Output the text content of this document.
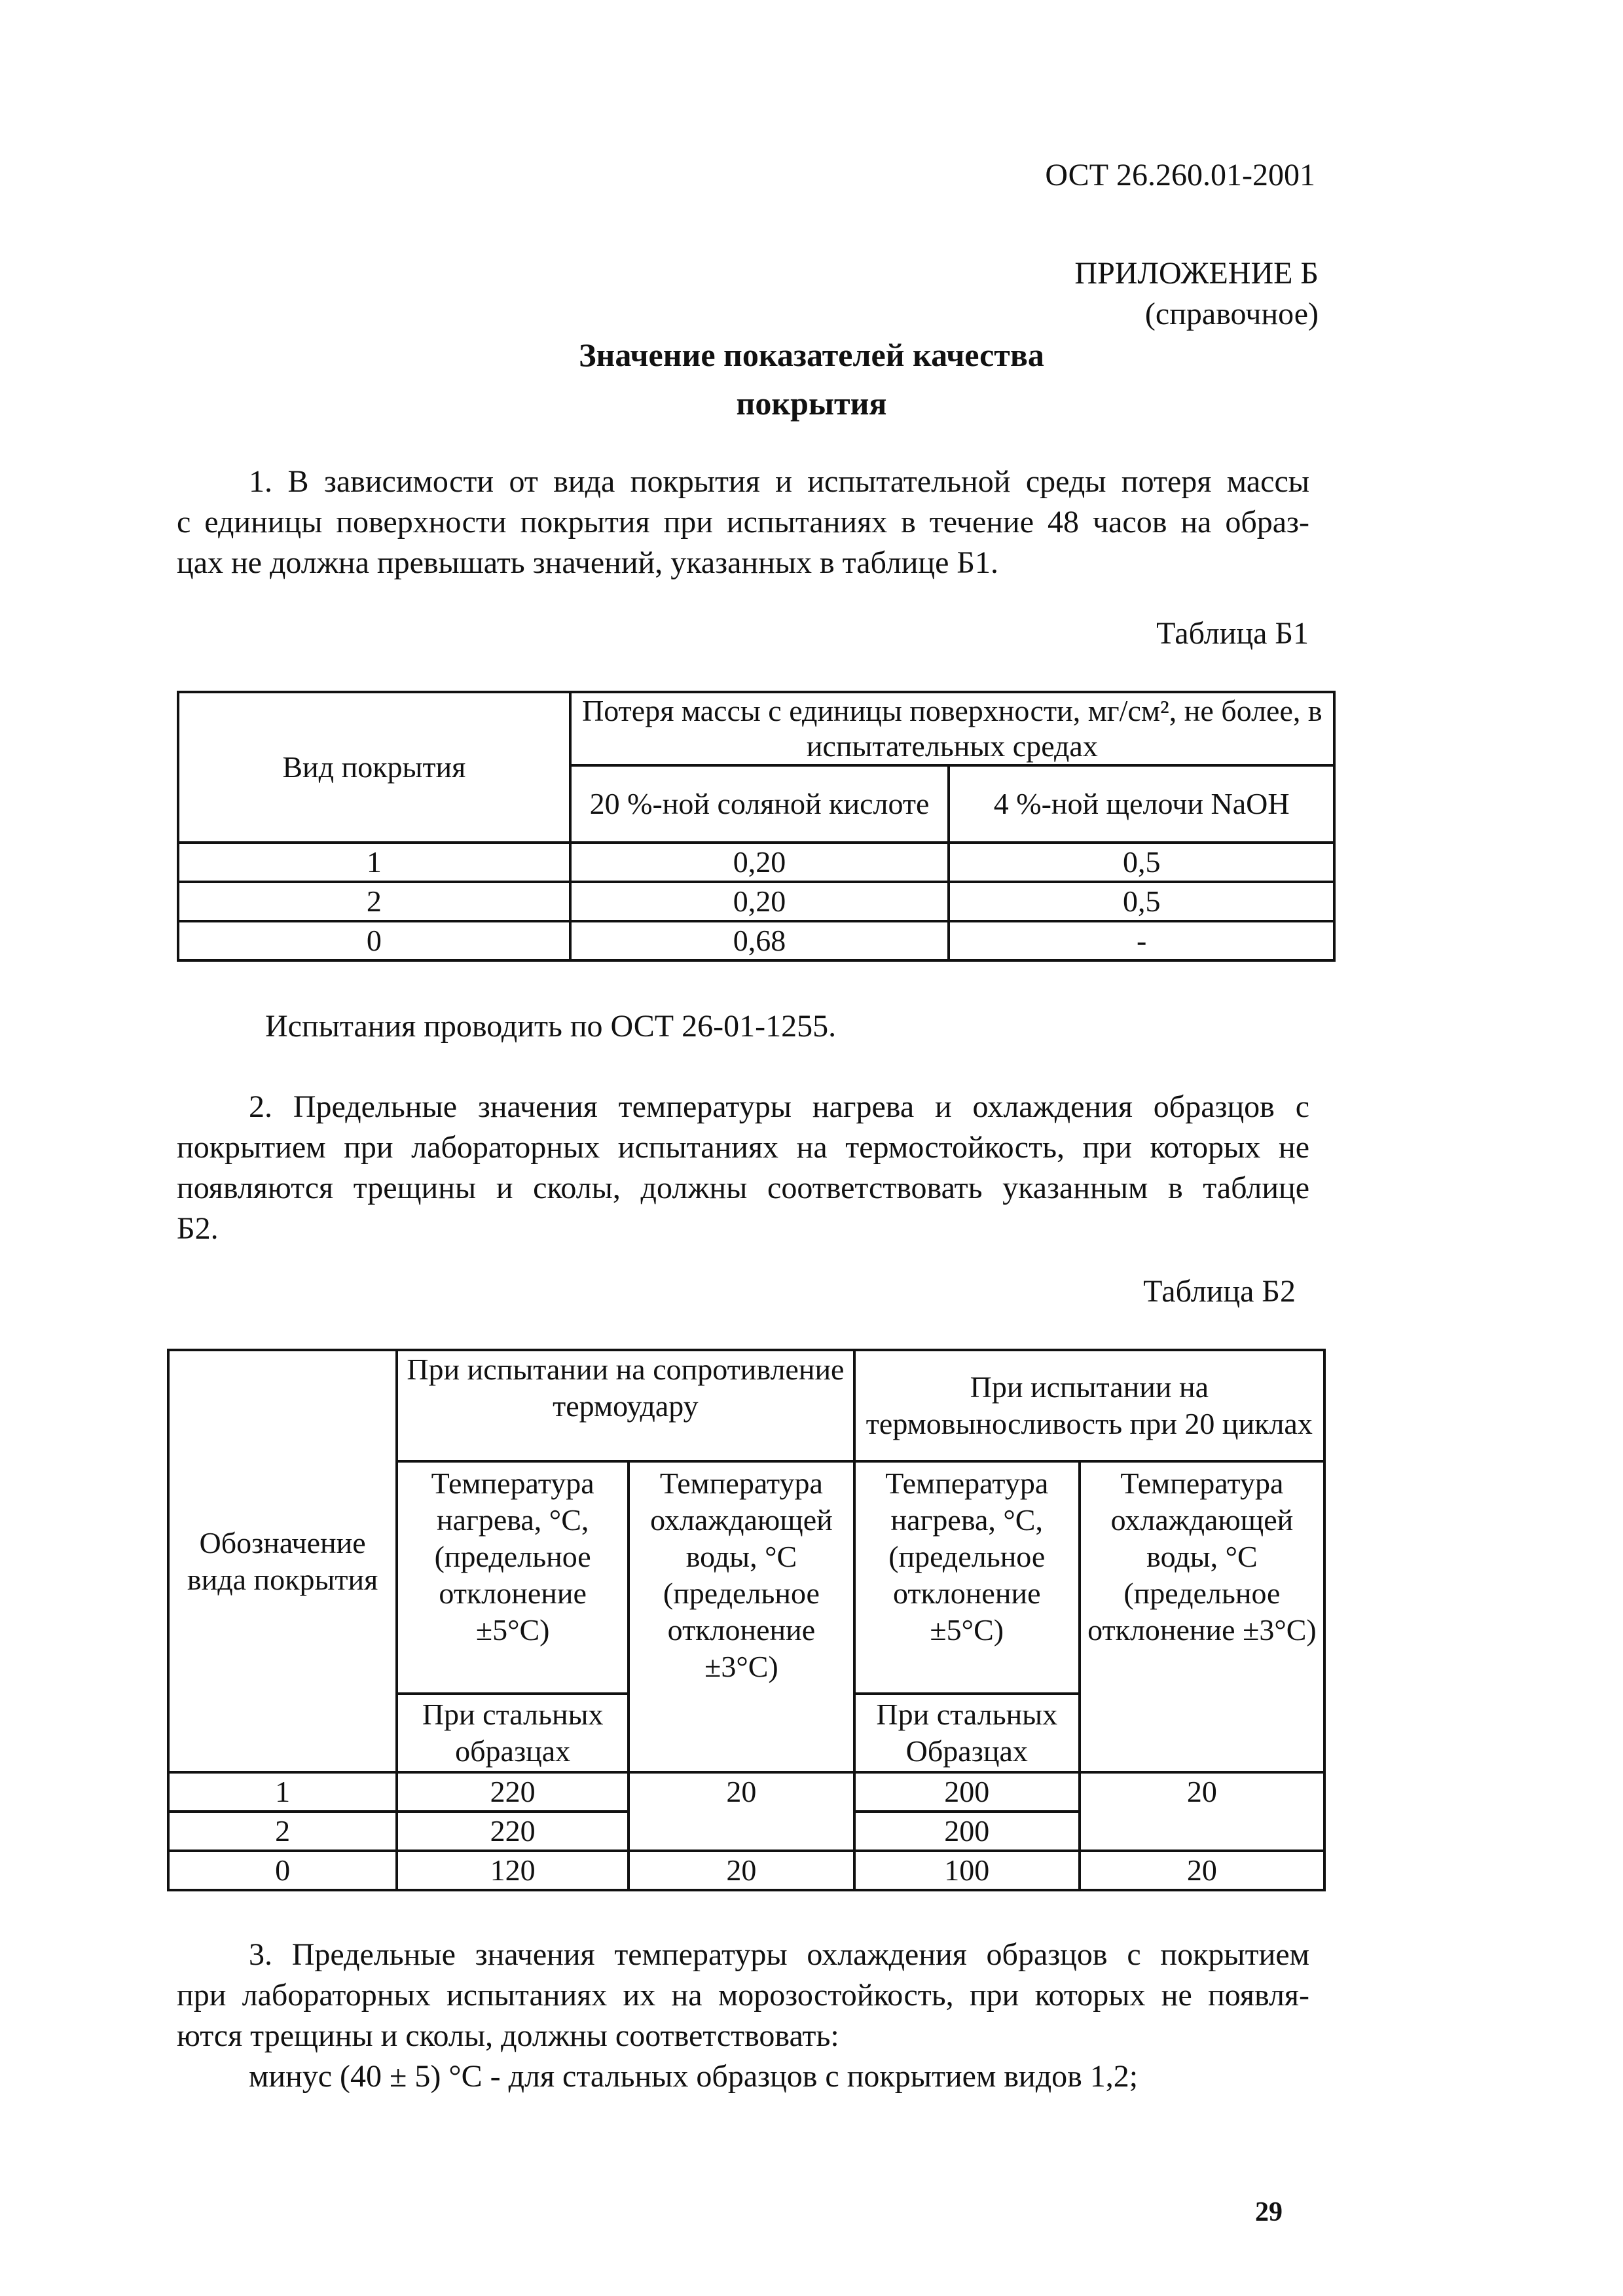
ОСТ 26.260.01-2001
ПРИЛОЖЕНИЕ Б
(справочное)
Значение показателей качества
покрытия
1. В зависимости от вида покрытия и испытательной среды потеря массы
с единицы поверхности покрытия при испытаниях в течение 48 часов на образ-
цах не должна превышать значений, указанных в таблице Б1.
Таблица Б1
Вид покрытия	Потеря массы с единицы поверхности, мг/см², не более, в испытательных средах	
	20 %-ной соляной кислоте	4 %-ной щелочи NaOH
1	0,20	0,5
2	0,20	0,5
0	0,68	-
Испытания проводить по ОСТ 26-01-1255.
2. Предельные значения температуры нагрева и охлаждения образцов с
покрытием при лабораторных испытаниях на термостойкость, при которых не
появляются трещины и сколы, должны соответствовать указанным в таблице
Б2.
Таблица Б2
Обозначение вида покрытия	При испытании на сопротивление термоудару		При испытании на термовыносливость при 20 циклах	
	Температура нагрева, °С, (предельное отклонение ±5°С)	Температура охлаждающей воды, °С (предельное отклонение ±3°С)	Температура нагрева, °С, (предельное отклонение ±5°С)	Температура охлаждающей воды, °С (предельное отклонение ±3°С)
	При стальных образцах		При стальных Образцах	
1	220	20	200	20
2	220		200	
0	120	20	100	20
3. Предельные значения температуры охлаждения образцов с покрытием
при лабораторных испытаниях их на морозостойкость, при которых не появля-
ются трещины и сколы, должны соответствовать:
минус (40 ± 5) °С - для стальных образцов с покрытием видов 1,2;
29
